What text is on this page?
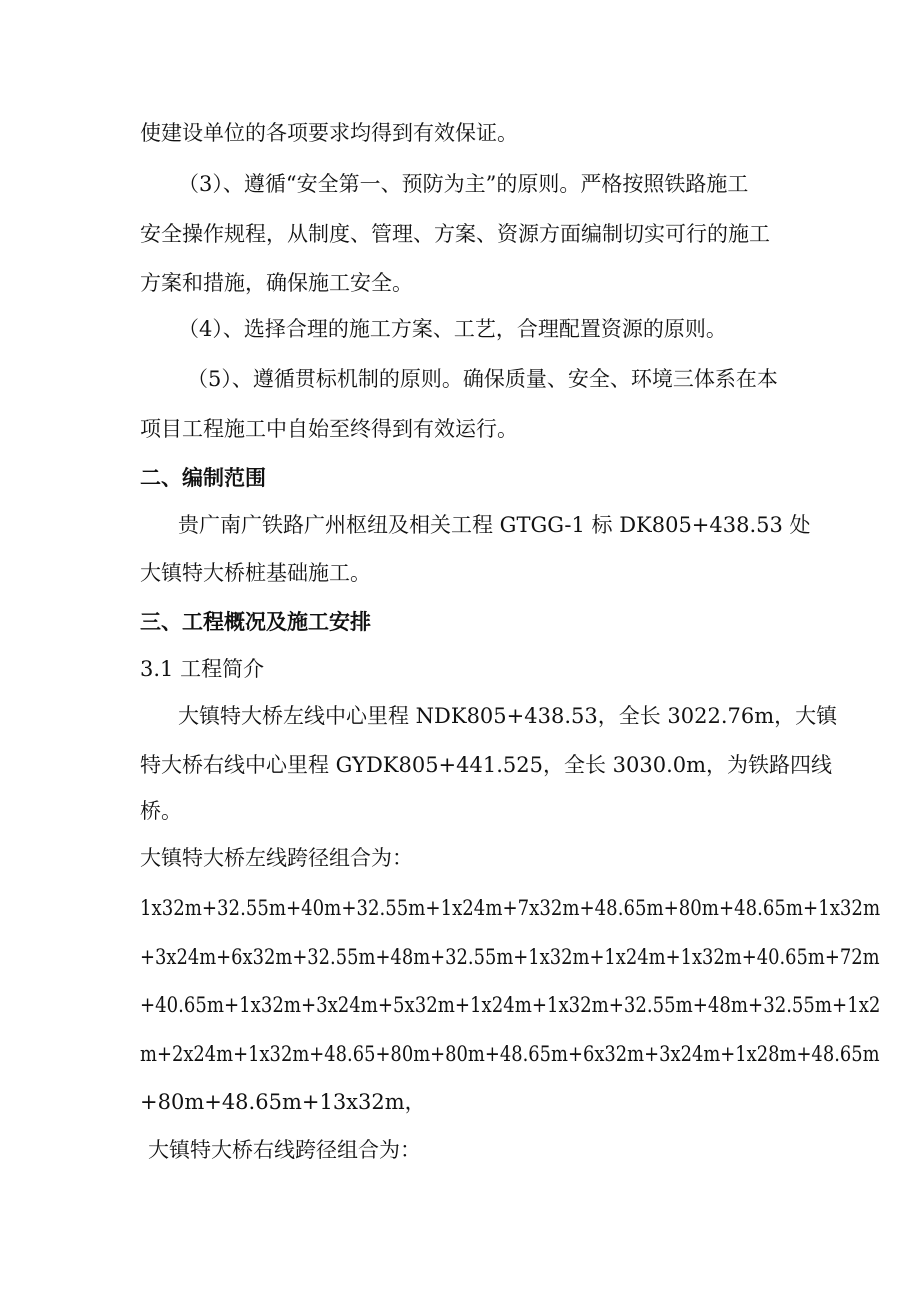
使建设单位的各项要求均得到有效保证。
（3）、遵循“安全第一、预防为主”的原则。严格按照铁路施工
安全操作规程，从制度、管理、方案、资源方面编制切实可行的施工
方案和措施，确保施工安全。
（4）、选择合理的施工方案、工艺，合理配置资源的原则。
（5）、遵循贯标机制的原则。确保质量、安全、环境三体系在本
项目工程施工中自始至终得到有效运行。
二、编制范围
贵广南广铁路广州枢纽及相关工程 GTGG-1 标 DK805+438.53 处
大镇特大桥桩基础施工。
三、工程概况及施工安排
3.1 工程简介
大镇特大桥左线中心里程 NDK805+438.53，全长 3022.76m，大镇
特大桥右线中心里程 GYDK805+441.525，全长 3030.0m，为铁路四线
桥。
大镇特大桥左线跨径组合为：
1x32m+32.55m+40m+32.55m+1x24m+7x32m+48.65m+80m+48.65m+1x32m
+3x24m+6x32m+32.55m+48m+32.55m+1x32m+1x24m+1x32m+40.65m+72m
+40.65m+1x32m+3x24m+5x32m+1x24m+1x32m+32.55m+48m+32.55m+1x2
m+2x24m+1x32m+48.65+80m+80m+48.65m+6x32m+3x24m+1x28m+48.65m
+80m+48.65m+13x32m，
大镇特大桥右线跨径组合为：
